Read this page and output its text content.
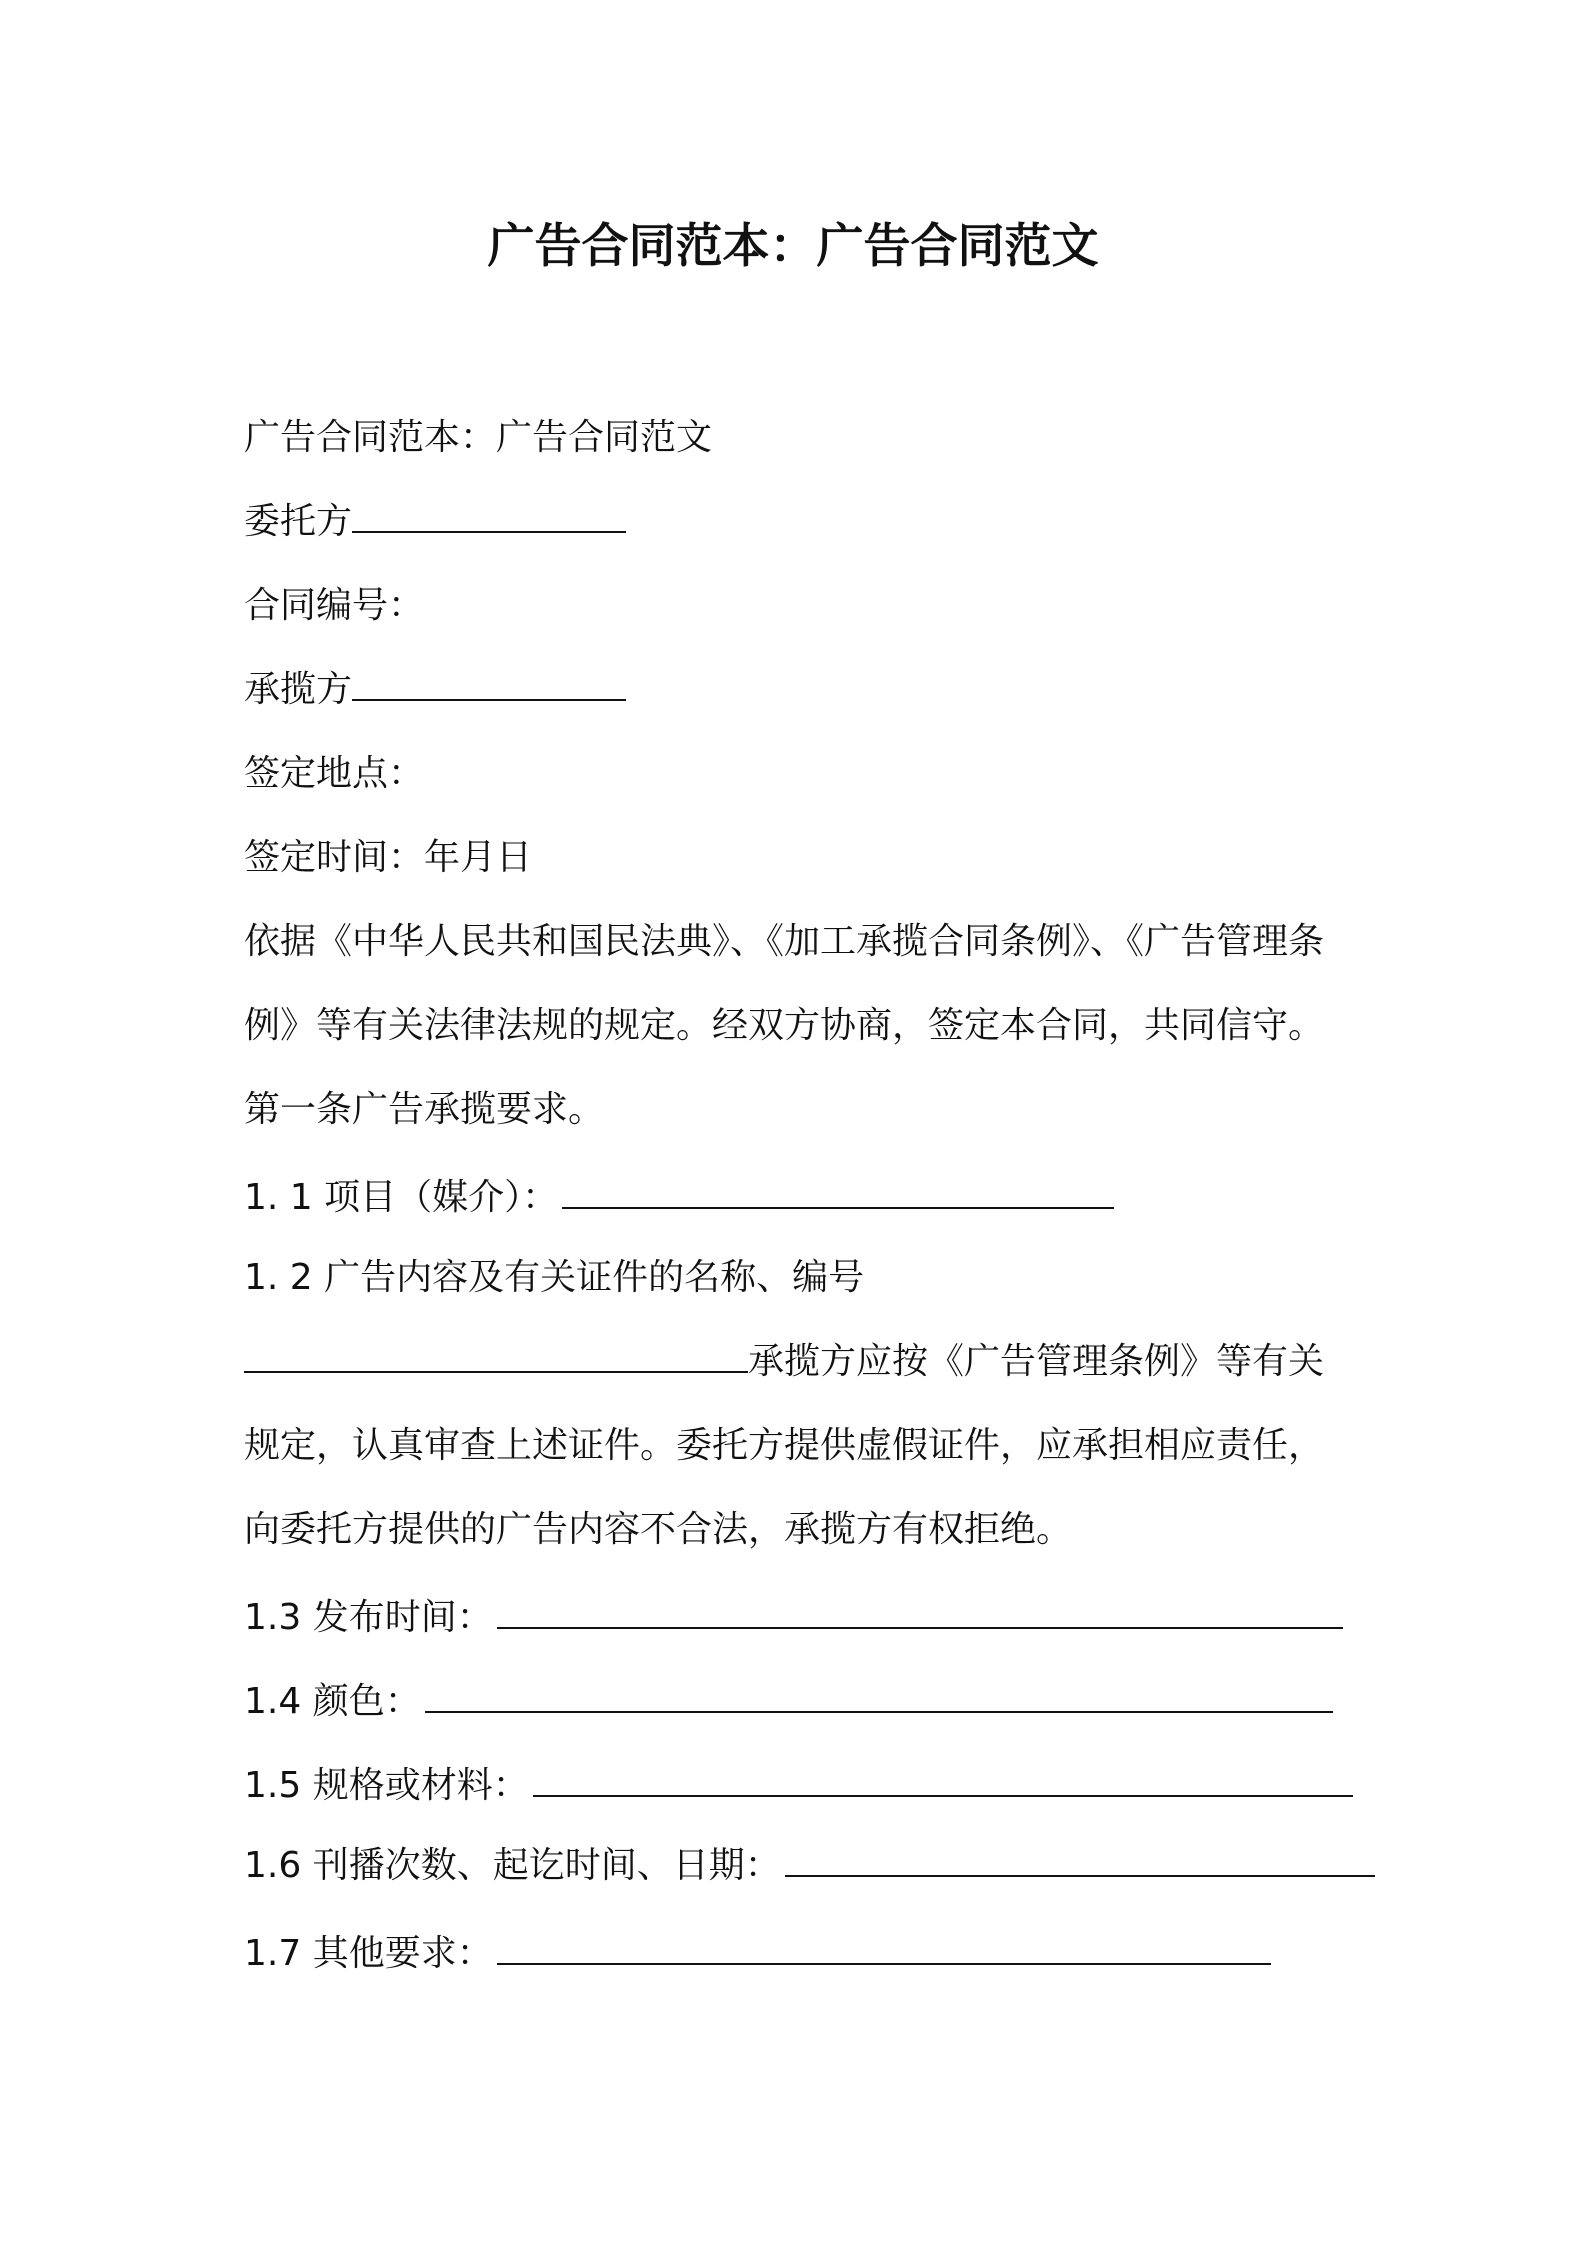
广告合同范本：广告合同范文
广告合同范本：广告合同范文
委托方
合同编号：
承揽方
签定地点：
签定时间：年月日
依据《中华人民共和国民法典》、《加工承揽合同条例》、《广告管理条
例》等有关法律法规的规定。经双方协商，签定本合同，共同信守。
第一条广告承揽要求。
1. 1 项目（媒介）：
1. 2 广告内容及有关证件的名称、编号
承揽方应按《广告管理条例》等有关
规定，认真审查上述证件。委托方提供虚假证件，应承担相应责任，
向委托方提供的广告内容不合法，承揽方有权拒绝。
1.3 发布时间：
1.4 颜色：
1.5 规格或材料：
1.6 刊播次数、起讫时间、日期：
1.7 其他要求：
